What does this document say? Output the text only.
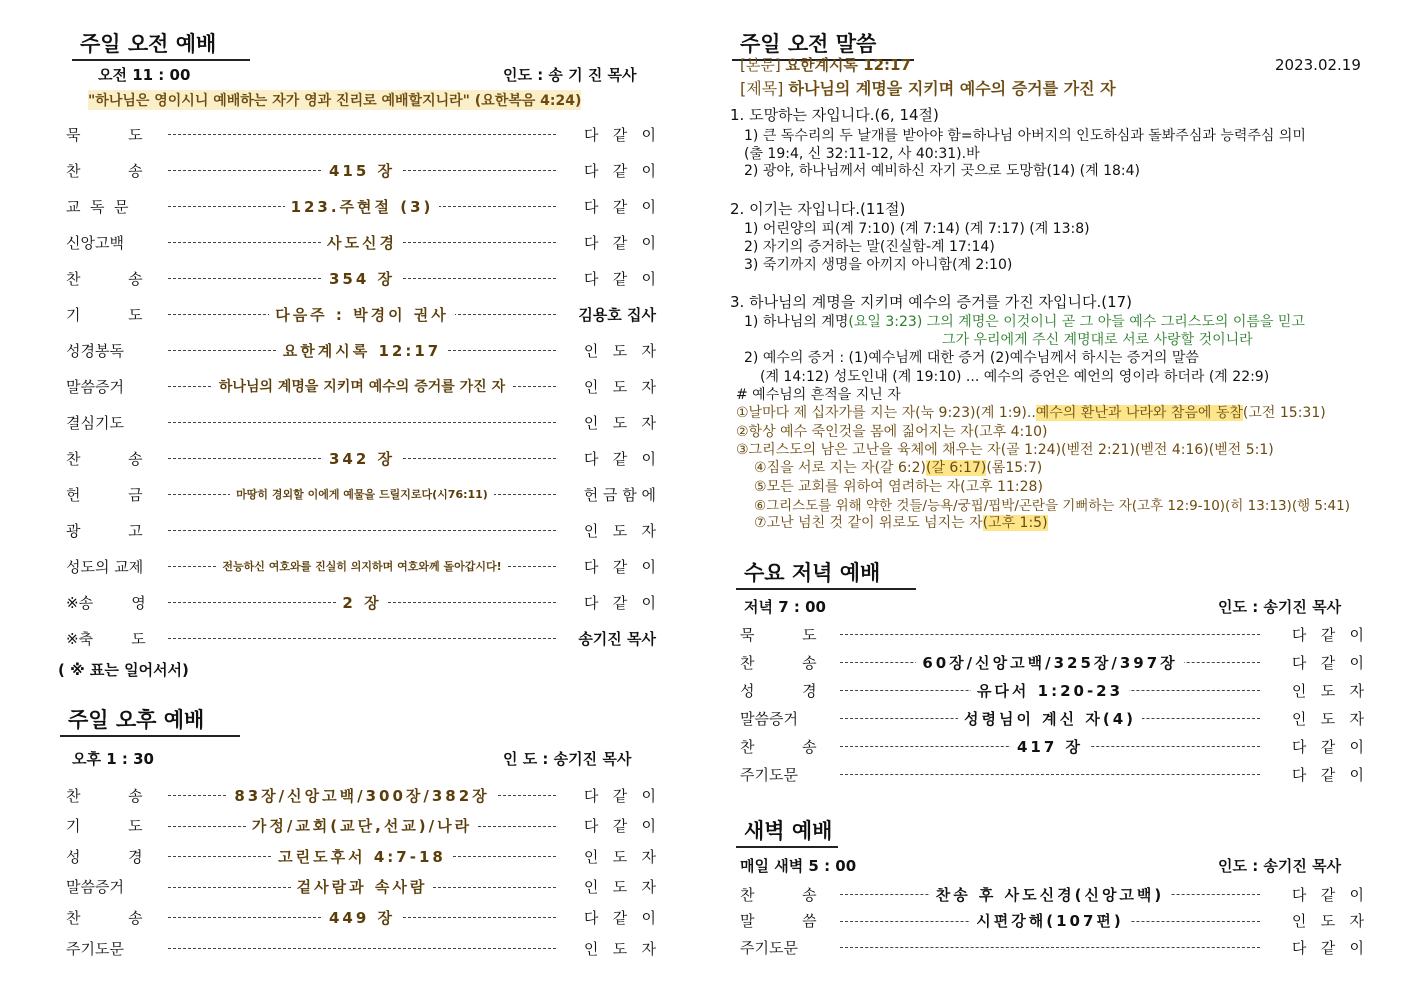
주일 오전 예배
오전 11 : 00	인도 : 송 기 진 목사
"하나님은 영이시니 예배하는 자가 영과 진리로 예배할지니라" (요한복음 4:24)
묵          도	다   같   이
찬          송	415 장	다   같   이
교  독  문	123.주현절 (3)	다   같   이
신앙고백	사도신경	다   같   이
찬          송	354 장	다   같   이
기          도	다음주 : 박경이 권사	김용호 집사
성경봉독	요한계시록 12:17	인   도   자
말씀증거	하나님의 계명을 지키며 예수의 증거를 가진 자	인   도   자
결심기도	인   도   자
찬          송	342 장	다   같   이
헌          금	마땅히 경외할 이에게 예물을 드릴지로다(시76:11)	헌 금 함 에
광          고	인   도   자
성도의 교제	전능하신 여호와를 진실히 의지하며 여호와께 돌아갑시다!	다   같   이
※송        영	2 장	다   같   이
※축        도	송기진 목사
( ※ 표는 일어서서)
주일 오후 예배
오후 1 : 30	인 도 : 송기진 목사
찬          송	83장/신앙고백/300장/382장	다   같   이
기          도	가정/교회(교단,선교)/나라	다   같   이
성          경	고린도후서 4:7-18	인   도   자
말씀증거	겉사람과 속사람	인   도   자
찬          송	449 장	다   같   이
주기도문	인   도   자
주일 오전 말씀
[본문] 요한계시록 12:17	2023.02.19
[제목] 하나님의 계명을 지키며 예수의 증거를 가진 자
1. 도망하는 자입니다.(6, 14절)
1) 큰 독수리의 두 날개를 받아야 함=하나님 아버지의 인도하심과 돌봐주심과 능력주심 의미
(출 19:4, 신 32:11-12, 사 40:31).바
2) 광야, 하나님께서 예비하신 자기 곳으로 도망함(14) (계 18:4)
2. 이기는 자입니다.(11절)
1) 어린양의 피(계 7:10) (계 7:14) (계 7:17) (계 13:8)
2) 자기의 증거하는 말(진실함-계 17:14)
3) 죽기까지 생명을 아끼지 아니함(계 2:10)
3. 하나님의 계명을 지키며 예수의 증거를 가진 자입니다.(17)
1) 하나님의 계명(요일 3:23) 그의 계명은 이것이니 곧 그 아들 예수 그리스도의 이름을 믿고
그가 우리에게 주신 계명대로 서로 사랑할 것이니라
2) 예수의 증거 : (1)예수님께 대한 증거 (2)예수님께서 하시는 증거의 말씀
(계 14:12) 성도인내 (계 19:10) ... 예수의 증언은 예언의 영이라 하더라 (계 22:9)
# 예수님의 흔적을 지닌 자
①날마다 제 십자가를 지는 자(눅 9:23)(계 1:9)..예수의 환난과 나라와 참음에 동참(고전 15:31)
②항상 예수 죽인것을 몸에 짊어지는 자(고후 4:10)
③그리스도의 남은 고난을 육체에 채우는 자(골 1:24)(벧전 2:21)(벧전 4:16)(벧전 5:1)
④짐을 서로 지는 자(갈 6:2)(갈 6:17)(롬15:7)
⑤모든 교회를 위하여 염려하는 자(고후 11:28)
⑥그리스도를 위해 약한 것들/능욕/궁핍/핍박/곤란을 기뻐하는 자(고후 12:9-10)(히 13:13)(행 5:41)
⑦고난 넘친 것 같이 위로도 넘지는 자(고후 1:5)
수요 저녁 예배
저녁 7 : 00	인도 : 송기진 목사
묵          도	다   같   이
찬          송	60장/신앙고백/325장/397장	다   같   이
성          경	유다서 1:20-23	인   도   자
말씀증거	성령님이 계신 자(4)	인   도   자
찬          송	417 장	다   같   이
주기도문	다   같   이
새벽 예배
매일 새벽 5 : 00	인도 : 송기진 목사
찬          송	찬송 후 사도신경(신앙고백)	다   같   이
말          씀	시편강해(107편)	인   도   자
주기도문	다   같   이
